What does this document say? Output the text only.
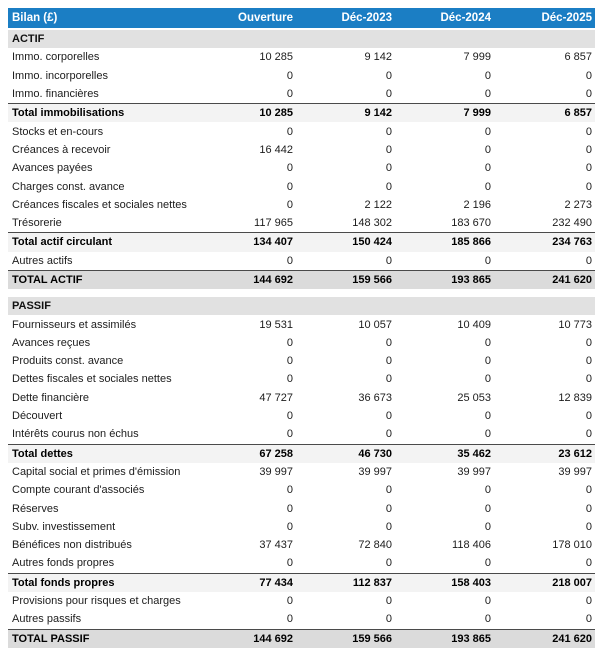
Bilan (£)	Ouverture	Déc-2023	Déc-2024	Déc-2025
ACTIF				
Immo. corporelles	10 285	9 142	7 999	6 857
Immo. incorporelles	0	0	0	0
Immo. financières	0	0	0	0
Total immobilisations	10 285	9 142	7 999	6 857
Stocks et en-cours	0	0	0	0
Créances à recevoir	16 442	0	0	0
Avances payées	0	0	0	0
Charges const. avance	0	0	0	0
Créances fiscales et sociales nettes	0	2 122	2 196	2 273
Trésorerie	117 965	148 302	183 670	232 490
Total actif circulant	134 407	150 424	185 866	234 763
Autres actifs	0	0	0	0
TOTAL ACTIF	144 692	159 566	193 865	241 620

PASSIF				
Fournisseurs et assimilés	19 531	10 057	10 409	10 773
Avances reçues	0	0	0	0
Produits const. avance	0	0	0	0
Dettes fiscales et sociales nettes	0	0	0	0
Dette financière	47 727	36 673	25 053	12 839
Découvert	0	0	0	0
Intérêts courus non échus	0	0	0	0
Total dettes	67 258	46 730	35 462	23 612
Capital social et primes d'émission	39 997	39 997	39 997	39 997
Compte courant d'associés	0	0	0	0
Réserves	0	0	0	0
Subv. investissement	0	0	0	0
Bénéfices non distribués	37 437	72 840	118 406	178 010
Autres fonds propres	0	0	0	0
Total fonds propres	77 434	112 837	158 403	218 007
Provisions pour risques et charges	0	0	0	0
Autres passifs	0	0	0	0
TOTAL PASSIF	144 692	159 566	193 865	241 620
